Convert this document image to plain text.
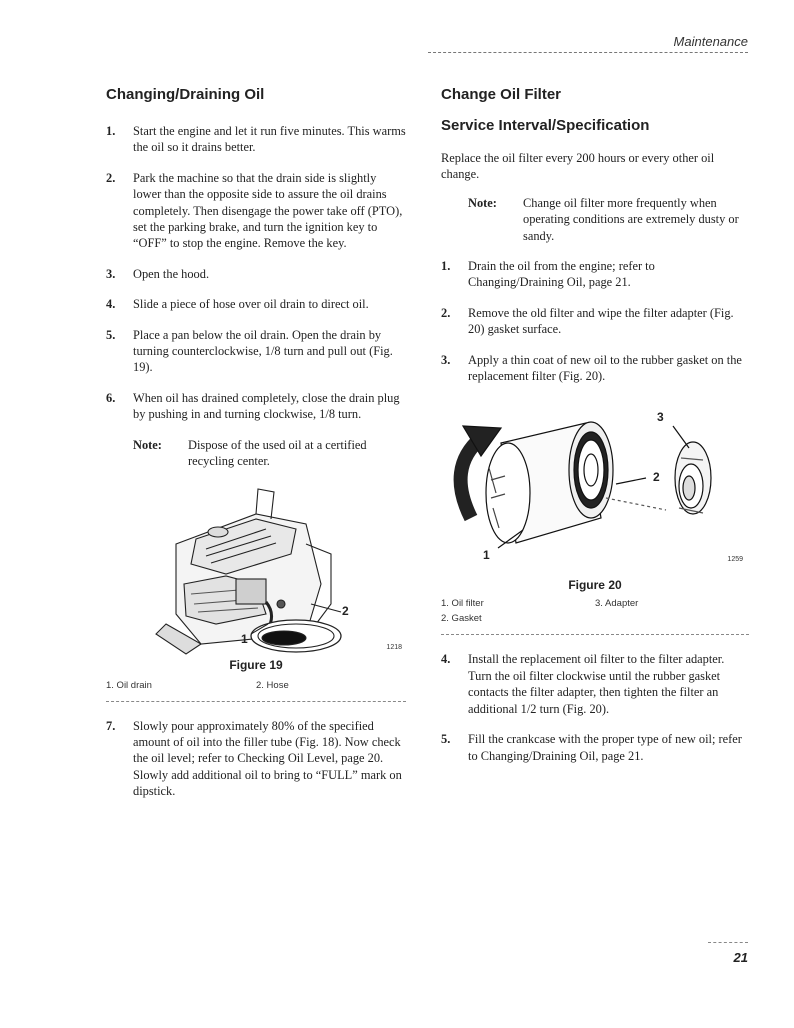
Maintenance
Changing/Draining Oil
1.	Start the engine and let it run five minutes. This warms the oil so it drains better.
2.	Park the machine so that the drain side is slightly lower than the opposite side to assure the oil drains completely. Then disengage the power take off (PTO), set the parking brake, and turn the ignition key to “OFF” to stop the engine. Remove the key.
3.	Open the hood.
4.	Slide a piece of hose over oil drain to direct oil.
5.	Place a pan below the oil drain. Open the drain by turning counterclockwise, 1/8 turn and pull out (Fig. 19).
6.	When oil has drained completely, close the drain plug by pushing in and turning clockwise, 1/8 turn.
Note:	Dispose of the used oil at a certified recycling center.
1
2
1218
Figure 19
1. Oil drain	2. Hose
7.	Slowly pour approximately 80% of the specified amount of oil into the filler tube (Fig. 18). Now check the oil level; refer to Checking Oil Level, page 20. Slowly add additional oil to bring to “FULL” mark on dipstick.
Change Oil Filter
Service Interval/Specification
Replace the oil filter every 200 hours or every other oil change.
Note:	Change oil filter more frequently when operating conditions are extremely dusty or sandy.
1.	Drain the oil from the engine; refer to Changing/Draining Oil, page 21.
2.	Remove the old filter and wipe the filter adapter (Fig. 20) gasket surface.
3.	Apply a thin coat of new oil to the rubber gasket on the replacement filter (Fig. 20).
1
2
3
1259
Figure 20
1. Oil filter
2. Gasket
3. Adapter
4.	Install the replacement oil filter to the filter adapter. Turn the oil filter clockwise until the rubber gasket contacts the filter adapter, then tighten the filter an additional 1/2 turn (Fig. 20).
5.	Fill the crankcase with the proper type of new oil; refer to Changing/Draining Oil, page 21.
21
